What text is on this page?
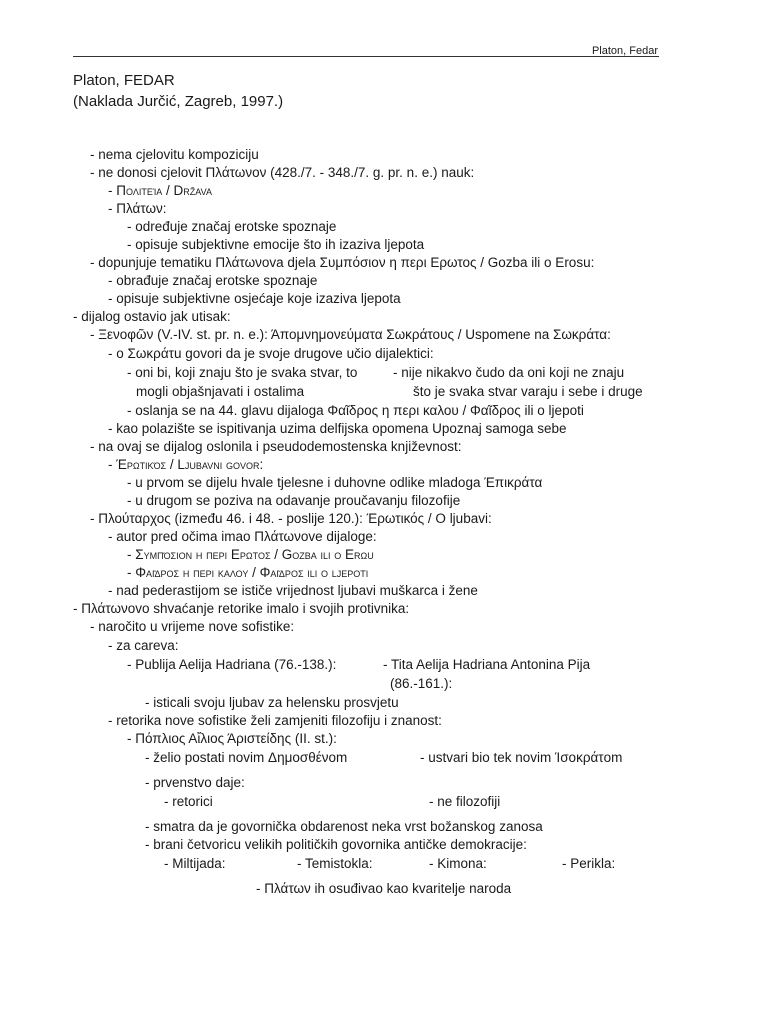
Platon, Fedar
Platon, FEDAR
(Naklada Jurčić, Zagreb, 1997.)
- nema cjelovitu kompoziciju
- ne donosi cjelovit Πλάτωνον (428./7. - 348./7. g. pr. n. e.) nauk:
- Πολιτεία / Država
- Πλάτων:
- određuje značaj erotske spoznaje
- opisuje subjektivne emocije što ih izaziva ljepota
- dopunjuje tematiku Πλάτωνova djela Συμπόσιον η περι Ερωτος / Gozba ili o Erosu:
- obrađuje značaj erotske spoznaje
- opisuje subjektivne osjećaje koje izaziva ljepota
- dijalog ostavio jak utisak:
- Ξενοφῶν (V.-IV. st. pr. n. e.): Άπομνημονεύματα Σωκράτους / Uspomene na Σωκράτα:
- o Σωκράτu govori da je svoje drugove učio dijalektici:
- oni bi, koji znaju što je svaka stvar, to	- nije nikakvo čudo da oni koji ne znaju
mogli objašnjavati i ostalima	što je svaka stvar varaju i sebe i druge
- oslanja se na 44. glavu dijaloga Φαῖδρος η περι καλου / Φαῖδρος ili o ljepoti
- kao polazište se ispitivanja uzima delfijska opomena Upoznaj samoga sebe
- na ovaj se dijalog oslonila i pseudodemostenska književnost:
- Έρωτικός / Ljubavni govor:
- u prvom se dijelu hvale tjelesne i duhovne odlike mladoga Έπικράτα
- u drugom se poziva na odavanje proučavanju filozofije
- Πλούταρχος (između 46. i 48. - poslije 120.): Έρωτικός / O ljubavi:
- autor pred očima imao Πλάτωνove dijaloge:
- Συμπόσιον η περι Ερωτος / Gozba ili o Erωu
- Φαῖδρος η περι καλου / Φαῖδρος ili o ljepoti
- nad pederastijom se ističe vrijednost ljubavi muškarca i žene
- Πλάτωνovo shvaćanje retorike imalo i svojih protivnika:
- naročito u vrijeme nove sofistike:
- za careva:
- Publija Aelija Hadriana (76.-138.):	- Tita Aelija Hadriana Antonina Pija
(86.-161.):
- isticali svoju ljubav za helensku prosvjetu
- retorika nove sofistike želi zamjeniti filozofiju i znanost:
- Πόπλιος Αἴλιος Άριστείδης (II. st.):
- želio postati novim Δημοσθένom	- ustvari bio tek novim Ίσοκράτom
- prvenstvo daje:
- retorici	- ne filozofiji
- smatra da je govornička obdarenost neka vrst božanskog zanosa
- brani četvoricu velikih političkih govornika antičke demokracije:
- Miltijada:	- Temistokla:	- Kimona:	- Perikla:
- Πλάτων ih osuđivao kao kvaritelje naroda
